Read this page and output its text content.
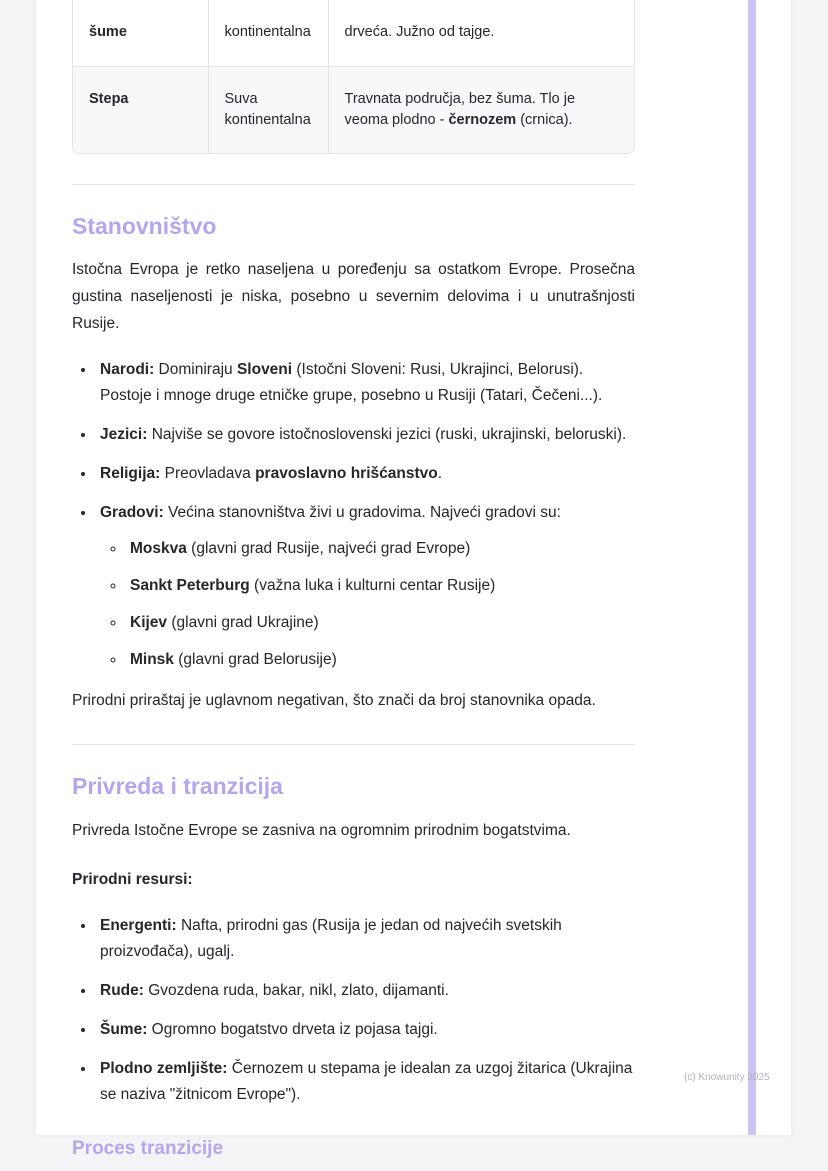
šume	kontinentalna	drveća. Južno od tajge.
Stepa	Suva kontinentalna	Travnata područja, bez šuma. Tlo je veoma plodno - černozem (crnica).
Stanovništvo

Istočna Evropa je retko naseljena u poređenju sa ostatkom Evrope. Prosečna gustina naseljenosti je niska, posebno u severnim delovima i u unutrašnjosti Rusije.

• Narodi: Dominiraju Sloveni (Istočni Sloveni: Rusi, Ukrajinci, Belorusi). Postoje i mnoge druge etničke grupe, posebno u Rusiji (Tatari, Čečeni...).
• Jezici: Najviše se govore istočnoslovenski jezici (ruski, ukrajinski, beloruski).
• Religija: Preovladava pravoslavno hrišćanstvo.
• Gradovi: Većina stanovništva živi u gradovima. Najveći gradovi su:
◦ Moskva (glavni grad Rusije, najveći grad Evrope)
◦ Sankt Peterburg (važna luka i kulturni centar Rusije)
◦ Kijev (glavni grad Ukrajine)
◦ Minsk (glavni grad Belorusije)

Prirodni priraštaj je uglavnom negativan, što znači da broj stanovnika opada.

Privreda i tranzicija

Privreda Istočne Evrope se zasniva na ogromnim prirodnim bogatstvima.

Prirodni resursi:

• Energenti: Nafta, prirodni gas (Rusija je jedan od najvećih svetskih proizvođača), ugalj.
• Rude: Gvozdena ruda, bakar, nikl, zlato, dijamanti.
• Šume: Ogromno bogatstvo drveta iz pojasa tajgi.
• Plodno zemljište: Černozem u stepama je idealan za uzgoj žitarica (Ukrajina se naziva "žitnicom Evrope").
Proces tranzicije
(c) Knowunity 2025
